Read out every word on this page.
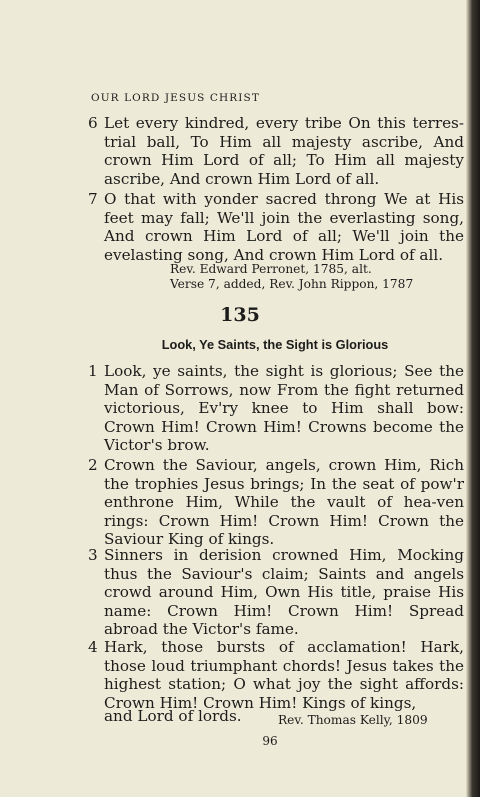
OUR LORD JESUS CHRIST
6 Let every kindred, every tribe On this terres-trial ball, To Him all majesty ascribe, And crown Him Lord of all; To Him all majesty ascribe, And crown Him Lord of all.
7 O that with yonder sacred throng We at His feet may fall; We'll join the everlasting song, And crown Him Lord of all; We'll join the evelasting song, And crown Him Lord of all.
Rev. Edward Perronet, 1785, alt.
Verse 7, added, Rev. John Rippon, 1787
135
Look, Ye Saints, the Sight is Glorious
1 Look, ye saints, the sight is glorious; See the Man of Sorrows, now From the fight returned victorious, Ev'ry knee to Him shall bow: Crown Him! Crown Him! Crowns become the Victor's brow.
2 Crown the Saviour, angels, crown Him, Rich the trophies Jesus brings; In the seat of pow'r enthrone Him, While the vault of hea-ven rings: Crown Him! Crown Him! Crown the Saviour King of kings.
3 Sinners in derision crowned Him, Mocking thus the Saviour's claim; Saints and angels crowd around Him, Own His title, praise His name: Crown Him! Crown Him! Spread abroad the Victor's fame.
4 Hark, those bursts of acclamation! Hark, those loud triumphant chords! Jesus takes the highest station; O what joy the sight affords: Crown Him! Crown Him! Kings of kings,
and Lord of lords.	Rev. Thomas Kelly, 1809
96
